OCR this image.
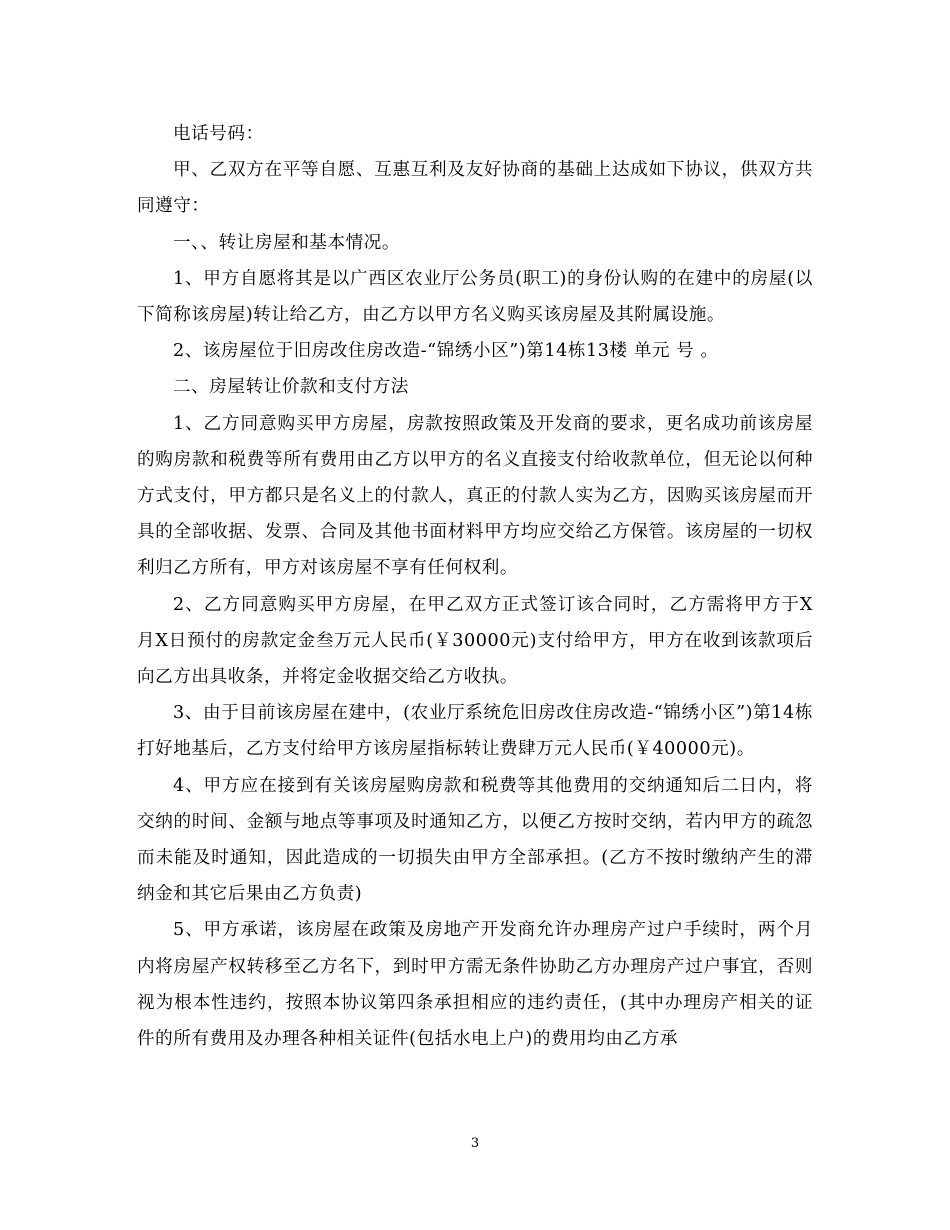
电话号码：

甲、乙双方在平等自愿、互惠互利及友好协商的基础上达成如下协议，供双方共同遵守：

一、、转让房屋和基本情况。

1、甲方自愿将其是以广西区农业厅公务员(职工)的身份认购的在建中的房屋(以下简称该房屋)转让给乙方，由乙方以甲方名义购买该房屋及其附属设施。

2、该房屋位于旧房改住房改造-“锦绣小区”)第14栋13楼 单元 号 。

二、房屋转让价款和支付方法

1、乙方同意购买甲方房屋，房款按照政策及开发商的要求，更名成功前该房屋的购房款和税费等所有费用由乙方以甲方的名义直接支付给收款单位，但无论以何种方式支付，甲方都只是名义上的付款人，真正的付款人实为乙方，因购买该房屋而开具的全部收据、发票、合同及其他书面材料甲方均应交给乙方保管。该房屋的一切权利归乙方所有，甲方对该房屋不享有任何权利。

2、乙方同意购买甲方房屋，在甲乙双方正式签订该合同时，乙方需将甲方于X月X日预付的房款定金叁万元人民币(￥30000元)支付给甲方，甲方在收到该款项后向乙方出具收条，并将定金收据交给乙方收执。

3、由于目前该房屋在建中，(农业厅系统危旧房改住房改造-“锦绣小区”)第14栋打好地基后，乙方支付给甲方该房屋指标转让费肆万元人民币(￥40000元)。

4、甲方应在接到有关该房屋购房款和税费等其他费用的交纳通知后二日内，将交纳的时间、金额与地点等事项及时通知乙方，以便乙方按时交纳，若内甲方的疏忽而未能及时通知，因此造成的一切损失由甲方全部承担。(乙方不按时缴纳产生的滞纳金和其它后果由乙方负责)

5、甲方承诺，该房屋在政策及房地产开发商允许办理房产过户手续时，两个月内将房屋产权转移至乙方名下，到时甲方需无条件协助乙方办理房产过户事宜，否则视为根本性违约，按照本协议第四条承担相应的违约责任，(其中办理房产相关的证件的所有费用及办理各种相关证件(包括水电上户)的费用均由乙方承

3
